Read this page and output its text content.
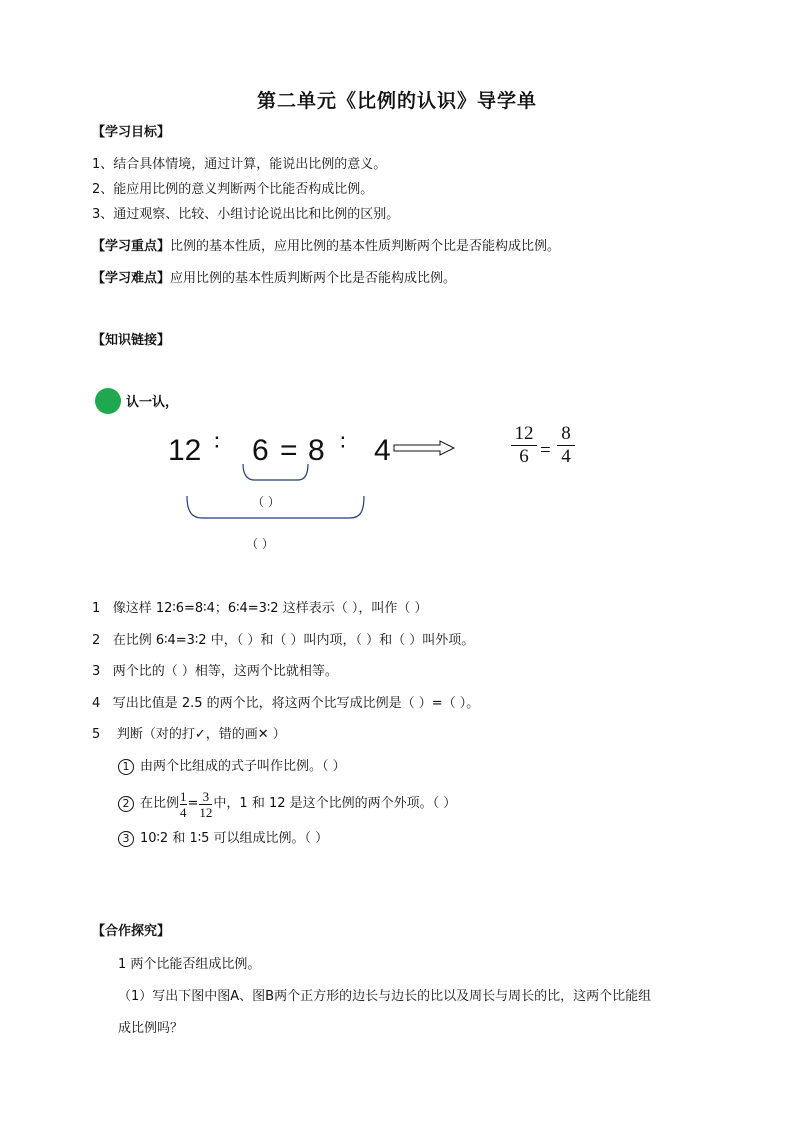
第二单元《比例的认识》导学单
【学习目标】
1、结合具体情境，通过计算，能说出比例的意义。
2、能应用比例的意义判断两个比能否构成比例。
3、通过观察、比较、小组讨论说出比和比例的区别。
【学习重点】比例的基本性质，应用比例的基本性质判断两个比是否能构成比例。
【学习难点】应用比例的基本性质判断两个比是否能构成比例。
【知识链接】
认一认，
12 ∶ 6 = 8 ∶ 4
12
6 =
8
4
（ ）
（ ）
1 像这样 12∶6=8∶4；6∶4=3∶2 这样表示（ ），叫作（ ）
2 在比例 6∶4=3∶2 中，（ ）和（ ）叫内项，（ ）和（ ）叫外项。
3 两个比的（ ）相等，这两个比就相等。
4 写出比值是 2.5 的两个比，将这两个比写成比例是（ ）=（ ）。
5 判断（对的打✓，错的画✕ ）
1 由两个比组成的式子叫作比例。（ ）
2 在比例 $\frac{1}{4} = \frac{3}{12}$ 中，1 和 12 是这个比例的两个外项。（ ）
3 10∶2 和 1∶5 可以组成比例。（ ）
【合作探究】
1 两个比能否组成比例。
（1）写出下图中图A、图B两个正方形的边长与边长的比以及周长与周长的比，这两个比能组
成比例吗？
